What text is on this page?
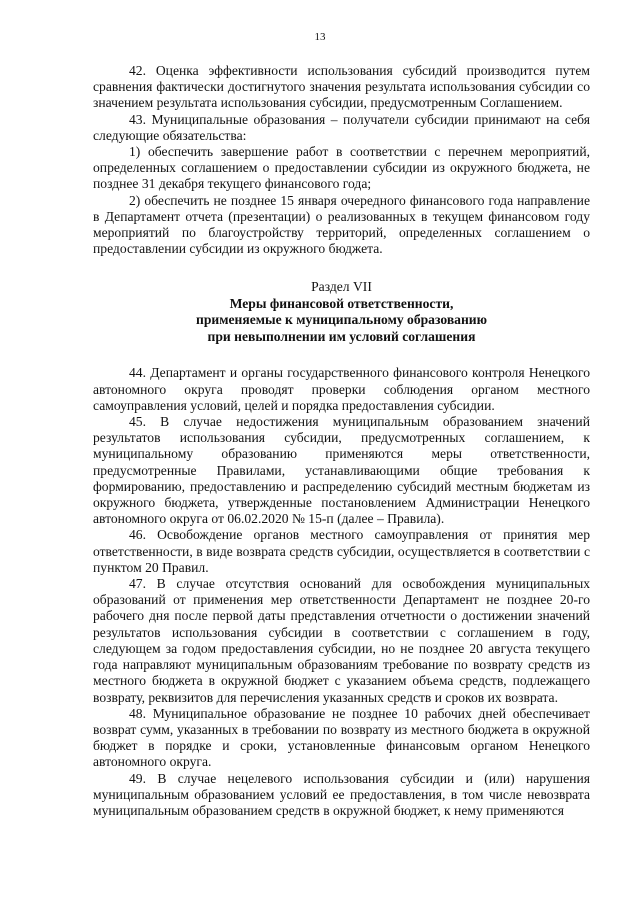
13

42. Оценка эффективности использования субсидий производится путем сравнения фактически достигнутого значения результата использования субсидии со значением результата использования субсидии, предусмотренным Соглашением.

43. Муниципальные образования – получатели субсидии принимают на себя следующие обязательства:

1) обеспечить завершение работ в соответствии с перечнем мероприятий, определенных соглашением о предоставлении субсидии из окружного бюджета, не позднее 31 декабря текущего финансового года;

2) обеспечить не позднее 15 января очередного финансового года направление в Департамент отчета (презентации) о реализованных в текущем финансовом году мероприятий по благоустройству территорий, определенных соглашением о предоставлении субсидии из окружного бюджета.

Раздел VII
Меры финансовой ответственности,
применяемые к муниципальному образованию
при невыполнении им условий соглашения

44. Департамент и органы государственного финансового контроля Ненецкого автономного округа проводят проверки соблюдения органом местного самоуправления условий, целей и порядка предоставления субсидии.

45. В случае недостижения муниципальным образованием значений результатов использования субсидии, предусмотренных соглашением, к муниципальному образованию применяются меры ответственности, предусмотренные Правилами, устанавливающими общие требования к формированию, предоставлению и распределению субсидий местным бюджетам из окружного бюджета, утвержденные постановлением Администрации Ненецкого автономного округа от 06.02.2020 № 15-п (далее – Правила).

46. Освобождение органов местного самоуправления от принятия мер ответственности, в виде возврата средств субсидии, осуществляется в соответствии с пунктом 20 Правил.

47. В случае отсутствия оснований для освобождения муниципальных образований от применения мер ответственности Департамент не позднее 20-го рабочего дня после первой даты представления отчетности о достижении значений результатов использования субсидии в соответствии с соглашением в году, следующем за годом предоставления субсидии, но не позднее 20 августа текущего года направляют муниципальным образованиям требование по возврату средств из местного бюджета в окружной бюджет с указанием объема средств, подлежащего возврату, реквизитов для перечисления указанных средств и сроков их возврата.

48. Муниципальное образование не позднее 10 рабочих дней обеспечивает возврат сумм, указанных в требовании по возврату из местного бюджета в окружной бюджет в порядке и сроки, установленные финансовым органом Ненецкого автономного округа.

49. В случае нецелевого использования субсидии и (или) нарушения муниципальным образованием условий ее предоставления, в том числе невозврата муниципальным образованием средств в окружной бюджет, к нему применяются
